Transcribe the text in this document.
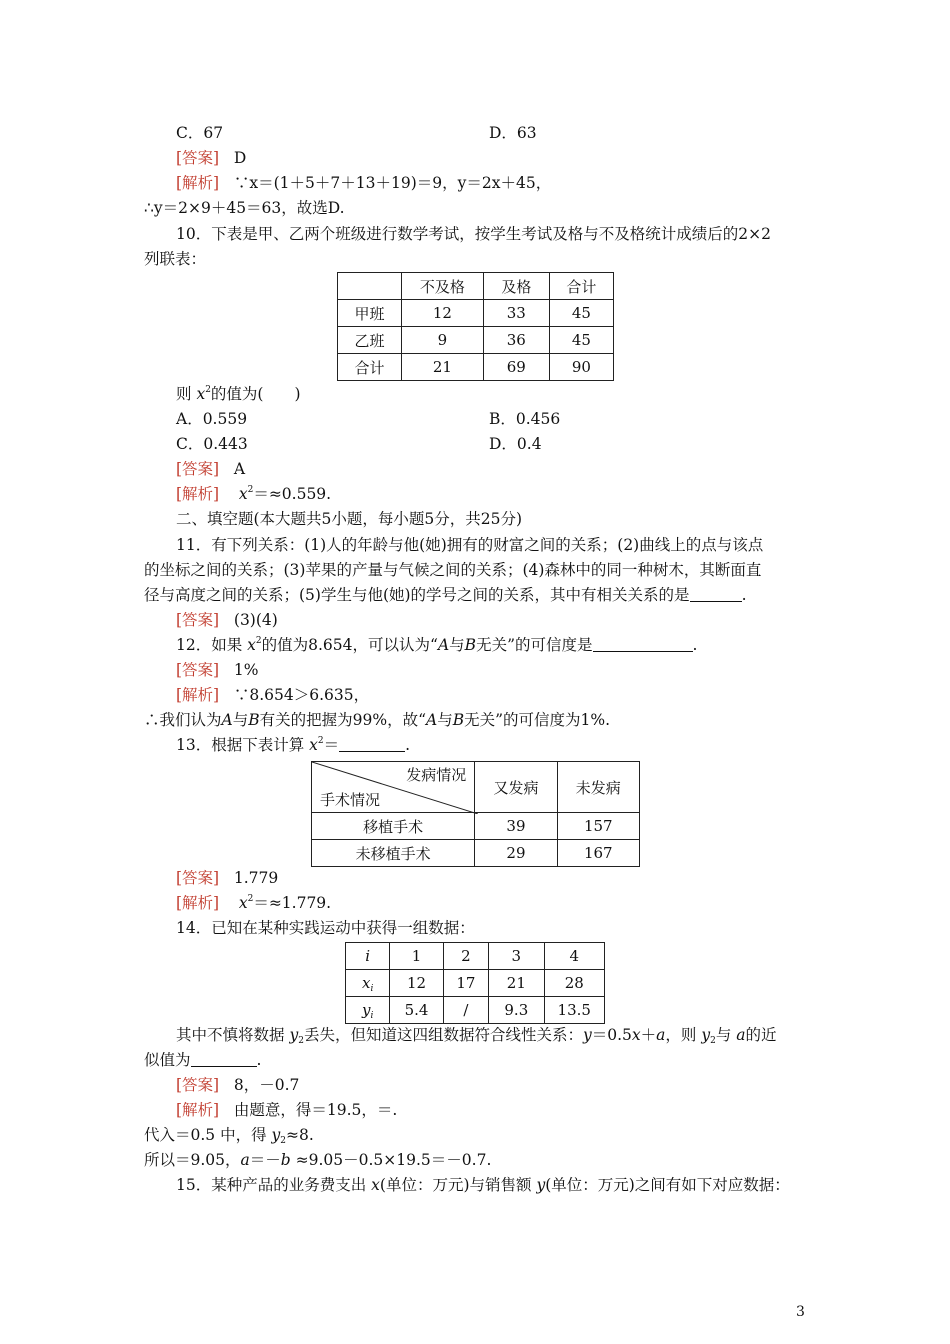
C．67	D．63
[答案] D
[解析] ∵x＝(1＋5＋7＋13＋19)＝9，y＝2x＋45，
∴y＝2×9＋45＝63，故选D.
10．下表是甲、乙两个班级进行数学考试，按学生考试及格与不及格统计成绩后的2×2
列联表：
	不及格	及格	合计
甲班	12	33	45
乙班	9	36	45
合计	21	69	90
则 $x^2$的值为(　　)
A．0.559	B．0.456
C．0.443	D．0.4
[答案] A
[解析] $x^2=\approx 0.559$.
二、填空题(本大题共5小题，每小题5分，共25分)
11．有下列关系：(1)人的年龄与他(她)拥有的财富之间的关系；(2)曲线上的点与该点
的坐标之间的关系；(3)苹果的产量与气候之间的关系；(4)森林中的同一种树木，其断面直
径与高度之间的关系；(5)学生与他(她)的学号之间的关系，其中有相关关系的是	.
[答案] (3)(4)
12．如果 $x^2$的值为8.654，可以认为“A与B无关”的可信度是	.
[答案] 1%
[解析] ∵8.654＞6.635，
∴我们认为A与B有关的把握为99%，故“A与B无关”的可信度为1%.
13．根据下表计算 $x^2=$	.
发病情况
手术情况	又发病	未发病
移植手术	39	157
未移植手术	29	167
[答案] 1.779
[解析] $x^2=\approx 1.779$.
14．已知在某种实践运动中获得一组数据：
i	1	2	3	4
$x_i$	12	17	21	28
$y_i$	5.4	/	9.3	13.5
其中不慎将数据 $y_2$丢失，但知道这四组数据符合线性关系：y＝0.5x＋a，则 $y_2$与 a的近
似值为	.
[答案] 8，－0.7
[解析] 由题意，得＝19.5，＝.
代入＝0.5 中，得 $y_2\approx 8$.
所以＝9.05，a＝－b ≈9.05－0.5×19.5＝－0.7.
15．某种产品的业务费支出 x(单位：万元)与销售额 y(单位：万元)之间有如下对应数据：
3
